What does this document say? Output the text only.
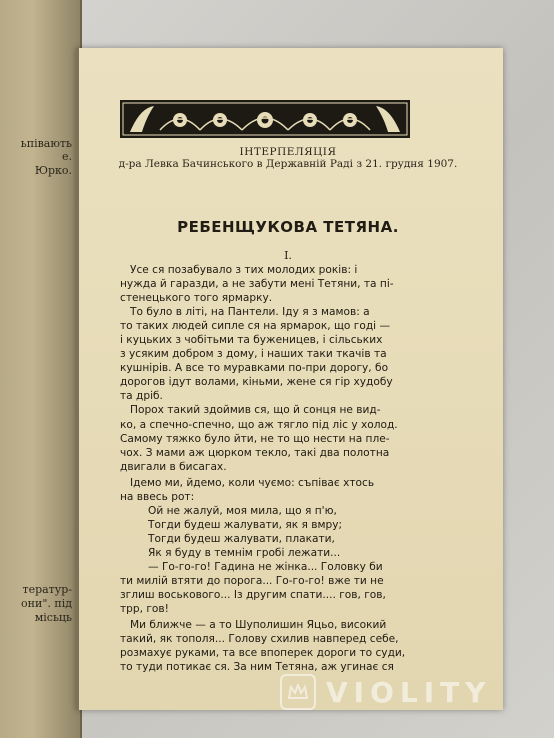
ьпівають
е.
Юрко.
тератур-
они". під
місьць
ІНТЕРПЕЛЯЦІЯ
д-ра Левка Бачинського в Державній Раді з 21. грудня 1907.
РЕБЕНЩУКОВА ТЕТЯНА.
I.
Усе ся позабувало з тих молодих років: і
нужда й гаразди, а не забути мені Тетяни, та пі-
стенецького того ярмарку.
То було в літі, на Пантели. Іду я з мамов: а
то таких людей сипле ся на ярмарок, що годі —
і куцьких з чобітьми та буженицев, і сільських
з усяким добром з дому, і наших таки ткачів та
кушнірів. А все то муравками по-при дорогу, бо
дорогов ідут волами, кіньми, жене ся гір худобу
та дріб.
Порох такий здоймив ся, що й сонця не вид-
ко, а спечно-спечно, що аж тягло під ліс у холод.
Самому тяжко було йти, не то що нести на пле-
чох. З мами аж цюрком текло, такі два полотна
двигали в бисагах.
Ідемо ми, йдемо, коли чуємо: съпіває хтось
на ввесь рот:
Ой не жалуй, моя мила, що я п'ю,
Тогди будеш жалувати, як я вмру;
Тогди будеш жалувати, плакати,
Як я буду в темнім гробі лежати...
— Го-го-го! Гадина не жінка... Головку би
ти милій втяти до порога... Го-го-го! вже ти не
зглиш воськового... Із другим спати.... гов, гов,
трр, гов!
Ми ближче — а то Шуполишин Яцьо, високий
такий, як тополя... Голову схилив навперед себе,
розмахує руками, та все впоперек дороги то суди,
то туди потикає ся. За ним Тетяна, аж угинає ся
VIOLITY
